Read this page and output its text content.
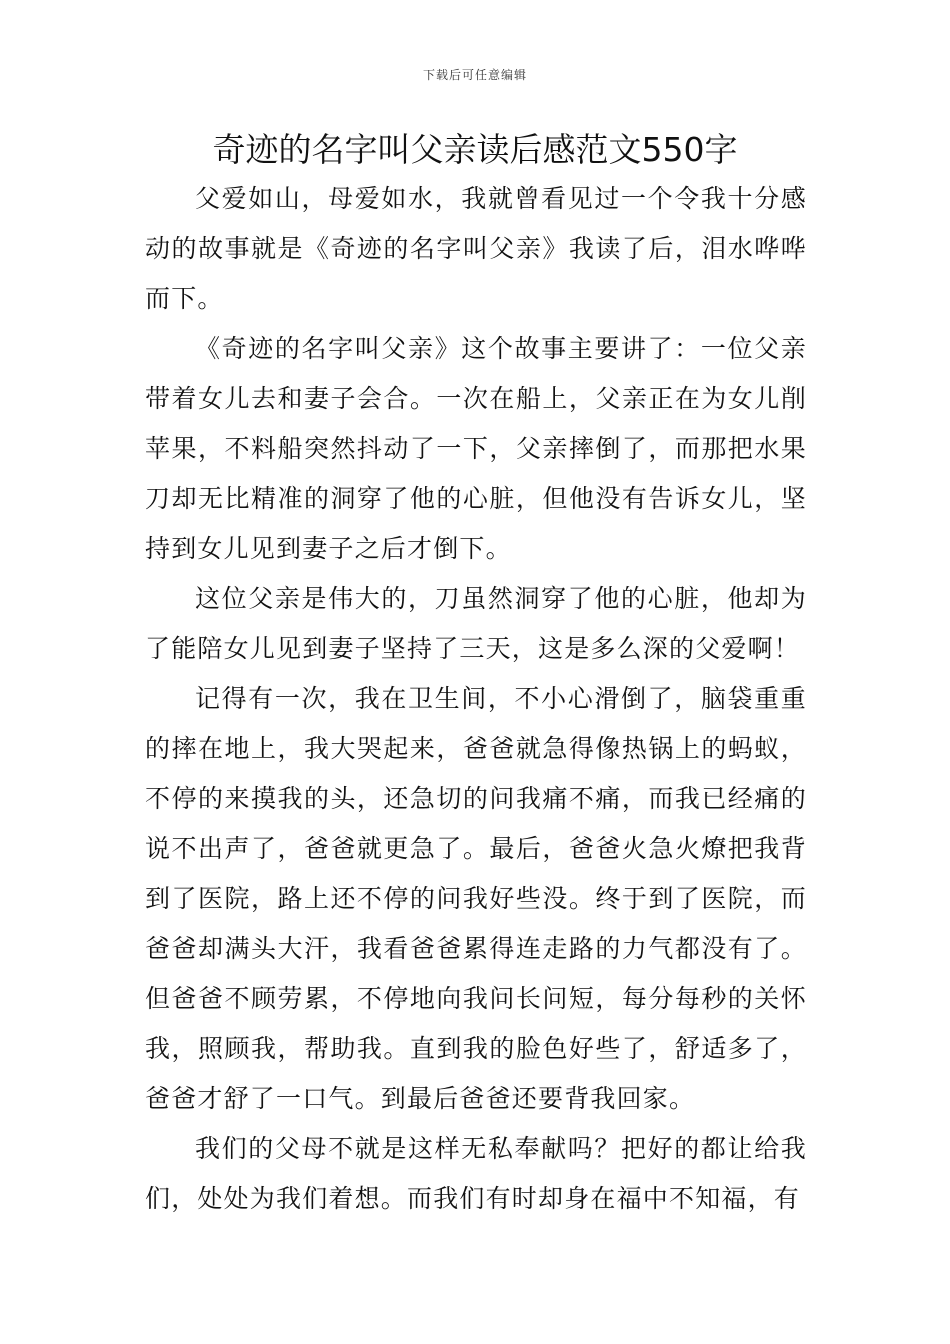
下载后可任意编辑
奇迹的名字叫父亲读后感范文550字

父爱如山，母爱如水，我就曾看见过一个令我十分感动的故事就是《奇迹的名字叫父亲》我读了后，泪水哗哗而下。

《奇迹的名字叫父亲》这个故事主要讲了：一位父亲带着女儿去和妻子会合。一次在船上，父亲正在为女儿削苹果，不料船突然抖动了一下，父亲摔倒了，而那把水果刀却无比精准的洞穿了他的心脏，但他没有告诉女儿，坚持到女儿见到妻子之后才倒下。

这位父亲是伟大的，刀虽然洞穿了他的心脏，他却为了能陪女儿见到妻子坚持了三天，这是多么深的父爱啊！

记得有一次，我在卫生间，不小心滑倒了，脑袋重重的摔在地上，我大哭起来，爸爸就急得像热锅上的蚂蚁，不停的来摸我的头，还急切的问我痛不痛，而我已经痛的说不出声了，爸爸就更急了。最后，爸爸火急火燎把我背到了医院，路上还不停的问我好些没。终于到了医院，而爸爸却满头大汗，我看爸爸累得连走路的力气都没有了。但爸爸不顾劳累，不停地向我问长问短，每分每秒的关怀我，照顾我，帮助我。直到我的脸色好些了，舒适多了，爸爸才舒了一口气。到最后爸爸还要背我回家。

我们的父母不就是这样无私奉献吗？把好的都让给我们，处处为我们着想。而我们有时却身在福中不知福，有
